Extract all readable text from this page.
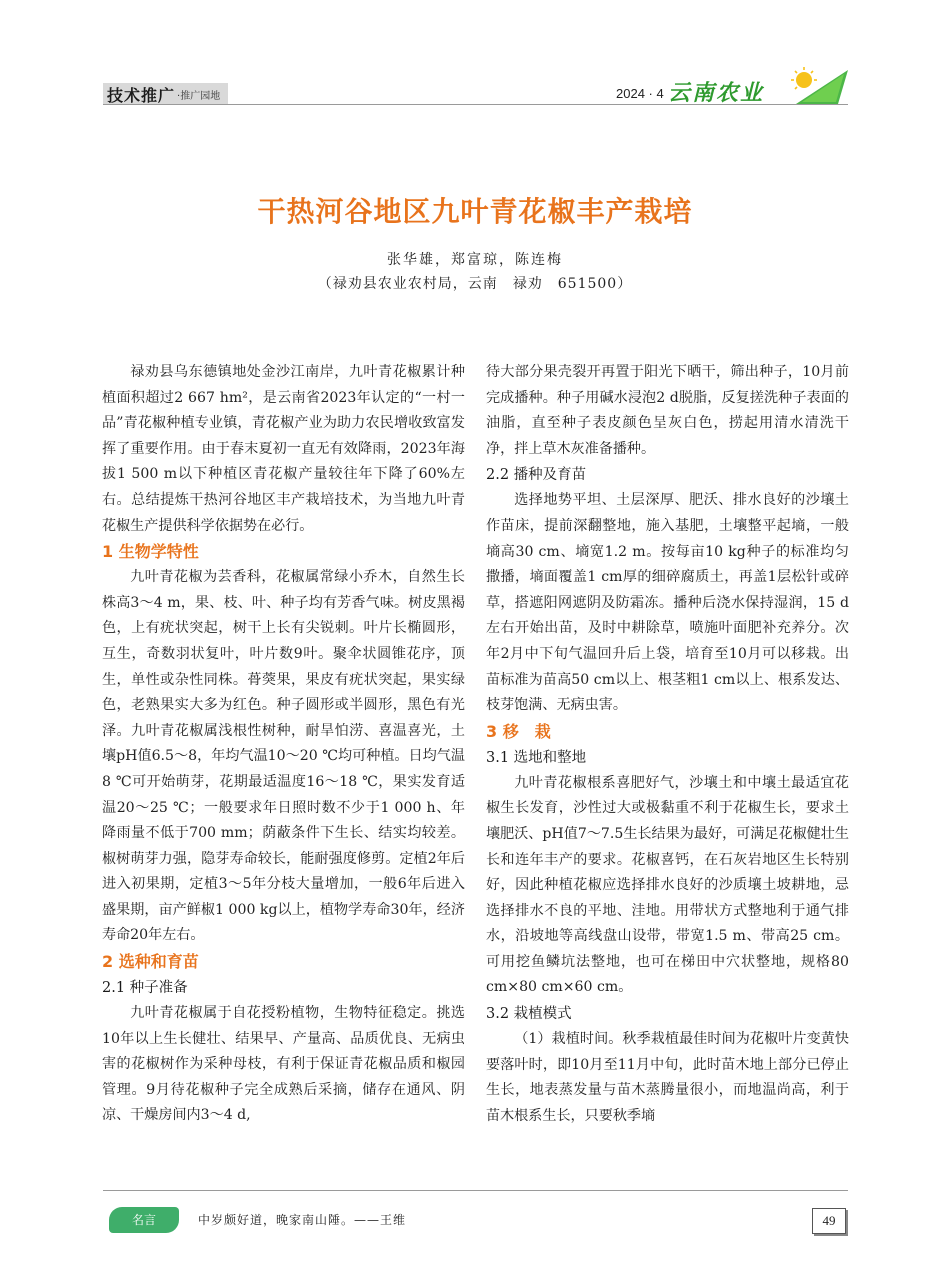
技术推广 ·推广园地	2024 · 4 云南农业
干热河谷地区九叶青花椒丰产栽培
张华雄，郑富琼，陈连梅
（禄劝县农业农村局，云南　禄劝　651500）

禄劝县乌东德镇地处金沙江南岸，九叶青花椒累计种植面积超过2 667 hm²，是云南省2023年认定的“一村一品”青花椒种植专业镇，青花椒产业为助力农民增收致富发挥了重要作用。由于春末夏初一直无有效降雨，2023年海拔1 500 m以下种植区青花椒产量较往年下降了60%左右。总结提炼干热河谷地区丰产栽培技术，为当地九叶青花椒生产提供科学依据势在必行。

1 生物学特性

九叶青花椒为芸香科，花椒属常绿小乔木，自然生长株高3～4 m，果、枝、叶、种子均有芳香气味。树皮黑褐色，上有疣状突起，树干上长有尖锐刺。叶片长椭圆形，互生，奇数羽状复叶，叶片数9叶。聚伞状圆锥花序，顶生，单性或杂性同株。蓇葖果，果皮有疣状突起，果实绿色，老熟果实大多为红色。种子圆形或半圆形，黑色有光泽。九叶青花椒属浅根性树种，耐旱怕涝、喜温喜光，土壤pH值6.5～8，年均气温10～20 ℃均可种植。日均气温8 ℃可开始萌芽，花期最适温度16～18 ℃，果实发育适温20～25 ℃；一般要求年日照时数不少于1 000 h、年降雨量不低于700 mm；荫蔽条件下生长、结实均较差。椒树萌芽力强，隐芽寿命较长，能耐强度修剪。定植2年后进入初果期，定植3～5年分枝大量增加，一般6年后进入盛果期，亩产鲜椒1 000 kg以上，植物学寿命30年，经济寿命20年左右。

2 选种和育苗
2.1 种子准备

九叶青花椒属于自花授粉植物，生物特征稳定。挑选10年以上生长健壮、结果早、产量高、品质优良、无病虫害的花椒树作为采种母枝，有利于保证青花椒品质和椒园管理。9月待花椒种子完全成熟后采摘，储存在通风、阴凉、干燥房间内3～4 d,

待大部分果壳裂开再置于阳光下晒干，筛出种子，10月前完成播种。种子用碱水浸泡2 d脱脂，反复搓洗种子表面的油脂，直至种子表皮颜色呈灰白色，捞起用清水清洗干净，拌上草木灰准备播种。

2.2 播种及育苗

选择地势平坦、土层深厚、肥沃、排水良好的沙壤土作苗床，提前深翻整地，施入基肥，土壤整平起墒，一般墒高30 cm、墒宽1.2 m。按每亩10 kg种子的标准均匀撒播，墒面覆盖1 cm厚的细碎腐质土，再盖1层松针或碎草，搭遮阳网遮阴及防霜冻。播种后浇水保持湿润，15 d左右开始出苗，及时中耕除草，喷施叶面肥补充养分。次年2月中下旬气温回升后上袋，培育至10月可以移栽。出苗标准为苗高50 cm以上、根茎粗1 cm以上、根系发达、枝芽饱满、无病虫害。

3 移　栽
3.1 选地和整地

九叶青花椒根系喜肥好气，沙壤土和中壤土最适宜花椒生长发育，沙性过大或极黏重不利于花椒生长，要求土壤肥沃、pH值7～7.5生长结果为最好，可满足花椒健壮生长和连年丰产的要求。花椒喜钙，在石灰岩地区生长特别好，因此种植花椒应选择排水良好的沙质壤土坡耕地，忌选择排水不良的平地、洼地。用带状方式整地利于通气排水，沿坡地等高线盘山设带，带宽1.5 m、带高25 cm。可用挖鱼鳞坑法整地，也可在梯田中穴状整地，规格80 cm×80 cm×60 cm。

3.2 栽植模式

（1）栽植时间。秋季栽植最佳时间为花椒叶片变黄快要落叶时，即10月至11月中旬，此时苗木地上部分已停止生长，地表蒸发量与苗木蒸腾量很小，而地温尚高，利于苗木根系生长，只要秋季墒

名言	中岁颇好道，晚家南山陲。——王维	49
